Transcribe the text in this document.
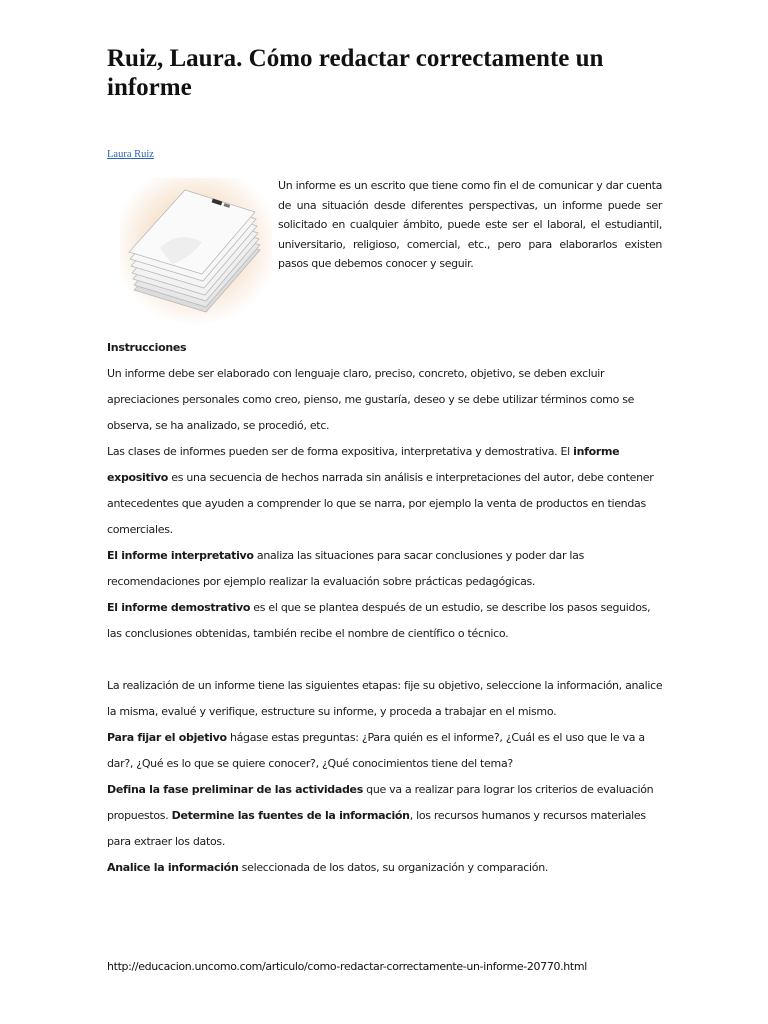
Ruiz, Laura. Cómo redactar correctamente un informe
Laura Ruiz

Un informe es un escrito que tiene como fin el de comunicar y dar cuenta de una situación desde diferentes perspectivas, un informe puede ser solicitado en cualquier ámbito, puede este ser el laboral, el estudiantil, universitario, religioso, comercial, etc., pero para elaborarlos existen pasos que debemos conocer y seguir.

Instrucciones

Un informe debe ser elaborado con lenguaje claro, preciso, concreto, objetivo, se deben excluir apreciaciones personales como creo, pienso, me gustaría, deseo y se debe utilizar términos como se observa, se ha analizado, se procedió, etc.

Las clases de informes pueden ser de forma expositiva, interpretativa y demostrativa. El informe expositivo es una secuencia de hechos narrada sin análisis e interpretaciones del autor, debe contener antecedentes que ayuden a comprender lo que se narra, por ejemplo la venta de productos en tiendas comerciales.

El informe interpretativo analiza las situaciones para sacar conclusiones y poder dar las recomendaciones por ejemplo realizar la evaluación sobre prácticas pedagógicas.

El informe demostrativo es el que se plantea después de un estudio, se describe los pasos seguidos, las conclusiones obtenidas, también recibe el nombre de científico o técnico.

La realización de un informe tiene las siguientes etapas: fije su objetivo, seleccione la información, analice la misma, evalué y verifique, estructure su informe, y proceda a trabajar en el mismo.

Para fijar el objetivo hágase estas preguntas: ¿Para quién es el informe?, ¿Cuál es el uso que le va a dar?, ¿Qué es lo que se quiere conocer?, ¿Qué conocimientos tiene del tema?

Defina la fase preliminar de las actividades que va a realizar para lograr los criterios de evaluación propuestos. Determine las fuentes de la información, los recursos humanos y recursos materiales para extraer los datos.

Analice la información seleccionada de los datos, su organización y comparación.

http://educacion.uncomo.com/articulo/como-redactar-correctamente-un-informe-20770.html
